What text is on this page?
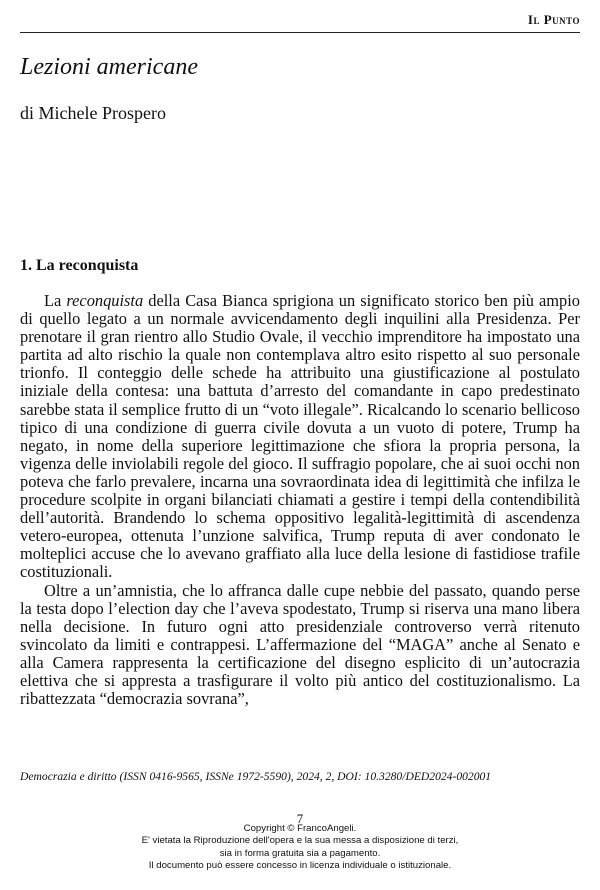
Il Punto
Lezioni americane
di Michele Prospero
1. La reconquista

La reconquista della Casa Bianca sprigiona un significato storico ben più ampio di quello legato a un normale avvicendamento degli inquilini alla Presidenza. Per prenotare il gran rientro allo Studio Ovale, il vecchio imprenditore ha impostato una partita ad alto rischio la quale non contemplava altro esito rispetto al suo personale trionfo. Il conteggio delle schede ha attribuito una giustificazione al postulato iniziale della contesa: una battuta d’arresto del comandante in capo predestinato sarebbe stata il semplice frutto di un “voto illegale”. Ricalcando lo scenario bellicoso tipico di una condizione di guerra civile dovuta a un vuoto di potere, Trump ha negato, in nome della superiore legittimazione che sfiora la propria persona, la vigenza delle inviolabili regole del gioco. Il suffragio popolare, che ai suoi occhi non poteva che farlo prevalere, incarna una sovraordinata idea di legittimità che infilza le procedure scolpite in organi bilanciati chiamati a gestire i tempi della contendibilità dell’autorità. Brandendo lo schema oppositivo legalità-legittimità di ascendenza vetero-europea, ottenuta l’unzione salvifica, Trump reputa di aver condonato le molteplici accuse che lo avevano graffiato alla luce della lesione di fastidiose trafile costituzionali.

Oltre a un’amnistia, che lo affranca dalle cupe nebbie del passato, quando perse la testa dopo l’election day che l’aveva spodestato, Trump si riserva una mano libera nella decisione. In futuro ogni atto presidenziale controverso verrà ritenuto svincolato da limiti e contrappesi. L’affermazione del “MAGA” anche al Senato e alla Camera rappresenta la certificazione del disegno esplicito di un’autocrazia elettiva che si appresta a trasfigurare il volto più antico del costituzionalismo. La ribattezzata “democrazia sovrana”,

Democrazia e diritto (ISSN 0416-9565, ISSNe 1972-5590), 2024, 2, DOI: 10.3280/DED2024-002001
7
Copyright © FrancoAngeli.
E' vietata la Riproduzione dell'opera e la sua messa a disposizione di terzi,
sia in forma gratuita sia a pagamento.
Il documento può essere concesso in licenza individuale o istituzionale.
